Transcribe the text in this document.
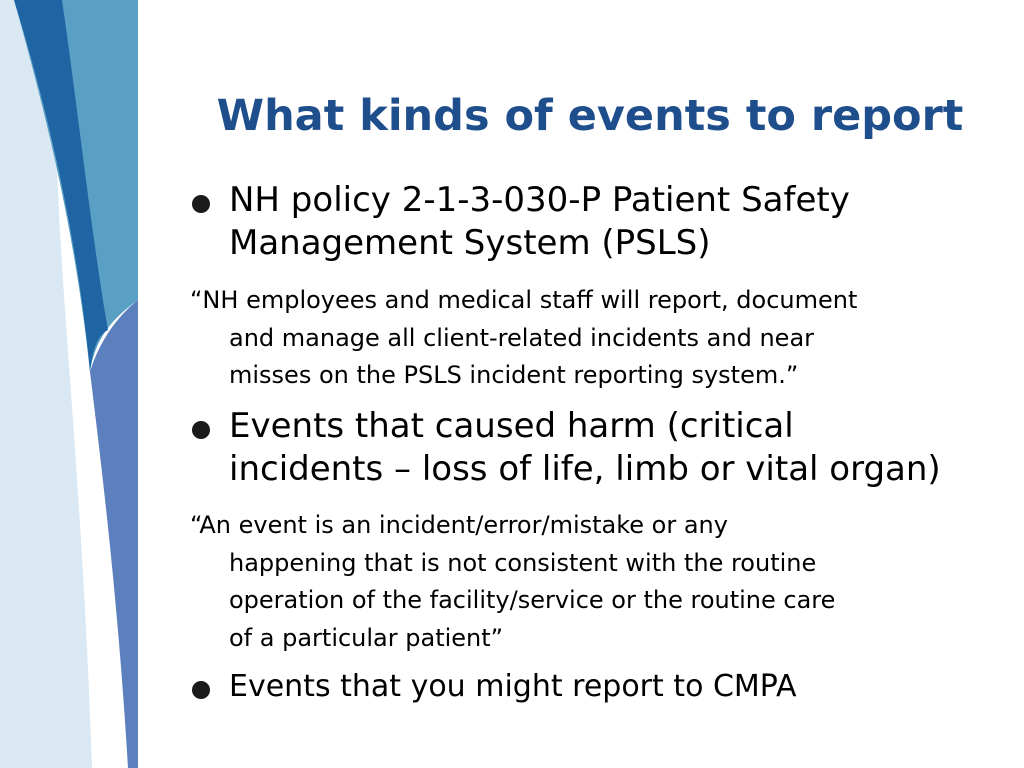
What kinds of events to report
NH policy 2-1-3-030-P Patient Safety
Management System (PSLS)
“NH employees and medical staff will report, document
and manage all client-related incidents and near
misses on the PSLS incident reporting system.”
Events that caused harm (critical
incidents – loss of life, limb or vital organ)
“An event is an incident/error/mistake or any
happening that is not consistent with the routine
operation of the facility/service or the routine care
of a particular patient”
Events that you might report to CMPA
